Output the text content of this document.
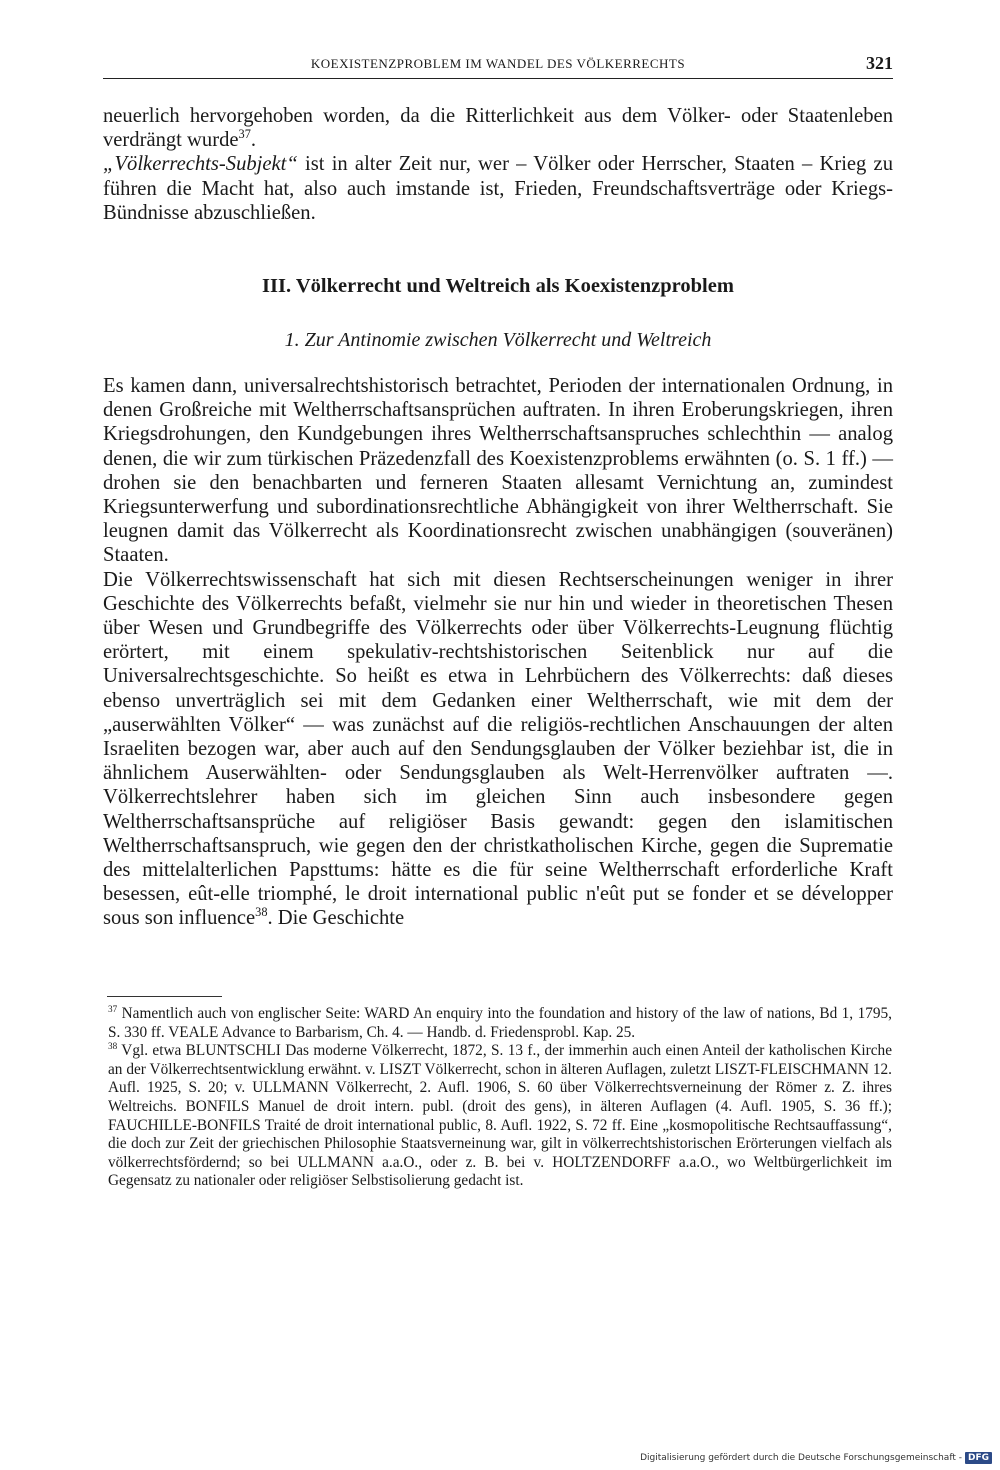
KOEXISTENZPROBLEM IM WANDEL DES VÖLKERRECHTS	321

neuerlich hervorgehoben worden, da die Ritterlichkeit aus dem Völker- oder Staatenleben verdrängt wurde$^{37}$.

„Völkerrechts-Subjekt“ ist in alter Zeit nur, wer – Völker oder Herrscher, Staaten – Krieg zu führen die Macht hat, also auch imstande ist, Frieden, Freundschaftsverträge oder Kriegs-Bündnisse abzuschließen.

III. Völkerrecht und Weltreich als Koexistenzproblem
1. Zur Antinomie zwischen Völkerrecht und Weltreich

Es kamen dann, universalrechtshistorisch betrachtet, Perioden der internationalen Ordnung, in denen Großreiche mit Weltherrschaftsansprüchen auftraten. In ihren Eroberungskriegen, ihren Kriegsdrohungen, den Kundgebungen ihres Weltherrschaftsanspruches schlechthin — analog denen, die wir zum türkischen Präzedenzfall des Koexistenzproblems erwähnten (o. S. 1 ff.) — drohen sie den benachbarten und ferneren Staaten allesamt Vernichtung an, zumindest Kriegsunterwerfung und subordinationsrechtliche Abhängigkeit von ihrer Weltherrschaft. Sie leugnen damit das Völkerrecht als Koordinationsrecht zwischen unabhängigen (souveränen) Staaten.

Die Völkerrechtswissenschaft hat sich mit diesen Rechtserscheinungen weniger in ihrer Geschichte des Völkerrechts befaßt, vielmehr sie nur hin und wieder in theoretischen Thesen über Wesen und Grundbegriffe des Völkerrechts oder über Völkerrechts-Leugnung flüchtig erörtert, mit einem spekulativ-rechtshistorischen Seitenblick nur auf die Universalrechtsgeschichte. So heißt es etwa in Lehrbüchern des Völkerrechts: daß dieses ebenso unverträglich sei mit dem Gedanken einer Weltherrschaft, wie mit dem der „auserwählten Völker“ — was zunächst auf die religiös-rechtlichen Anschauungen der alten Israeliten bezogen war, aber auch auf den Sendungsglauben der Völker beziehbar ist, die in ähnlichem Auserwählten- oder Sendungsglauben als Welt-Herrenvölker auftraten —. Völkerrechtslehrer haben sich im gleichen Sinn auch insbesondere gegen Weltherrschaftsansprüche auf religiöser Basis gewandt: gegen den islamitischen Weltherrschaftsanspruch, wie gegen den der christkatholischen Kirche, gegen die Suprematie des mittelalterlichen Papsttums: hätte es die für seine Weltherrschaft erforderliche Kraft besessen, eût-elle triomphé, le droit international public n'eût put se fonder et se développer sous son influence$^{38}$. Die Geschichte

$^{37}$ Namentlich auch von englischer Seite: WARD An enquiry into the foundation and history of the law of nations, Bd 1, 1795, S. 330 ff. VEALE Advance to Barbarism, Ch. 4. — Handb. d. Friedensprobl. Kap. 25.

$^{38}$ Vgl. etwa BLUNTSCHLI Das moderne Völkerrecht, 1872, S. 13 f., der immerhin auch einen Anteil der katholischen Kirche an der Völkerrechtsentwicklung erwähnt. v. LISZT Völkerrecht, schon in älteren Auflagen, zuletzt LISZT-FLEISCHMANN 12. Aufl. 1925, S. 20; v. ULLMANN Völkerrecht, 2. Aufl. 1906, S. 60 über Völkerrechtsverneinung der Römer z. Z. ihres Weltreichs. BONFILS Manuel de droit intern. publ. (droit des gens), in älteren Auflagen (4. Aufl. 1905, S. 36 ff.); FAUCHILLE-BONFILS Traité de droit international public, 8. Aufl. 1922, S. 72 ff. Eine „kosmopolitische Rechtsauffassung“, die doch zur Zeit der griechischen Philosophie Staatsverneinung war, gilt in völkerrechtshistorischen Erörterungen vielfach als völkerrechtsfördernd; so bei ULLMANN a.a.O., oder z. B. bei v. HOLTZENDORFF a.a.O., wo Weltbürgerlichkeit im Gegensatz zu nationaler oder religiöser Selbstisolierung gedacht ist.

Digitalisierung gefördert durch die Deutsche Forschungsgemeinschaft - DFG
